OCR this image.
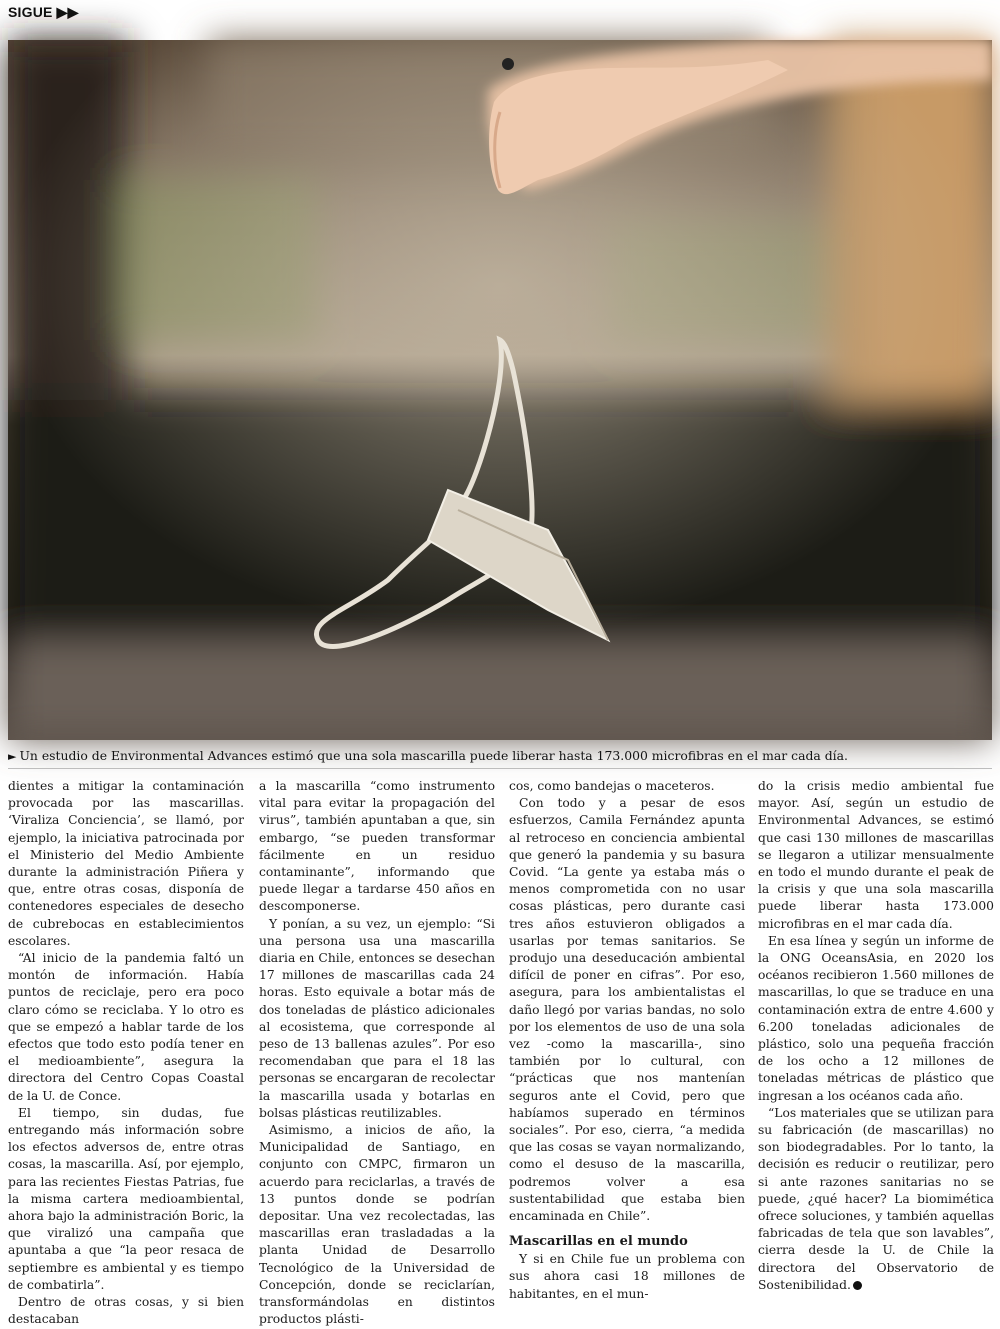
SIGUE ▶▶
► Un estudio de Environmental Advances estimó que una sola mascarilla puede liberar hasta 173.000 microfibras en el mar cada día.

dientes a mitigar la contaminación provocada por las mascarillas. ‘Viraliza Conciencia’, se llamó, por ejemplo, la iniciativa patrocinada por el Ministerio del Medio Ambiente durante la administración Piñera y que, entre otras cosas, disponía de contenedores especiales de desecho de cubrebocas en establecimientos escolares.

“Al inicio de la pandemia faltó un montón de información. Había puntos de reciclaje, pero era poco claro cómo se reciclaba. Y lo otro es que se empezó a hablar tarde de los efectos que todo esto podía tener en el medioambiente”, asegura la directora del Centro Copas Coastal de la U. de Conce.

El tiempo, sin dudas, fue entregando más información sobre los efectos adversos de, entre otras cosas, la mascarilla. Así, por ejemplo, para las recientes Fiestas Patrias, fue la misma cartera medioambiental, ahora bajo la administración Boric, la que viralizó una campaña que apuntaba a que “la peor resaca de septiembre es ambiental y es tiempo de combatirla”.

Dentro de otras cosas, y si bien destacaban

a la mascarilla “como instrumento vital para evitar la propagación del virus”, también apuntaban a que, sin embargo, “se pueden transformar fácilmente en un residuo contaminante”, informando que puede llegar a tardarse 450 años en descomponerse.

Y ponían, a su vez, un ejemplo: “Si una persona usa una mascarilla diaria en Chile, entonces se desechan 17 millones de mascarillas cada 24 horas. Esto equivale a botar más de dos toneladas de plástico adicionales al ecosistema, que corresponde al peso de 13 ballenas azules”. Por eso recomendaban que para el 18 las personas se encargaran de recolectar la mascarilla usada y botarlas en bolsas plásticas reutilizables.

Asimismo, a inicios de año, la Municipalidad de Santiago, en conjunto con CMPC, firmaron un acuerdo para reciclarlas, a través de 13 puntos donde se podrían depositar. Una vez recolectadas, las mascarillas eran trasladadas a la planta Unidad de Desarrollo Tecnológico de la Universidad de Concepción, donde se reciclarían, transformándolas en distintos productos plásti-

cos, como bandejas o maceteros.

Con todo y a pesar de esos esfuerzos, Camila Fernández apunta al retroceso en conciencia ambiental que generó la pandemia y su basura Covid. “La gente ya estaba más o menos comprometida con no usar cosas plásticas, pero durante casi tres años estuvieron obligados a usarlas por temas sanitarios. Se produjo una deseducación ambiental difícil de poner en cifras”. Por eso, asegura, para los ambientalistas el daño llegó por varias bandas, no solo por los elementos de uso de una sola vez -como la mascarilla-, sino también por lo cultural, con “prácticas que nos mantenían seguros ante el Covid, pero que habíamos superado en términos sociales”. Por eso, cierra, “a medida que las cosas se vayan normalizando, como el desuso de la mascarilla, podremos volver a esa sustentabilidad que estaba bien encaminada en Chile”.

Mascarillas en el mundo

Y si en Chile fue un problema con sus ahora casi 18 millones de habitantes, en el mun-

do la crisis medio ambiental fue mayor. Así, según un estudio de Environmental Advances, se estimó que casi 130 millones de mascarillas se llegaron a utilizar mensualmente en todo el mundo durante el peak de la crisis y que una sola mascarilla puede liberar hasta 173.000 microfibras en el mar cada día.

En esa línea y según un informe de la ONG OceansAsia, en 2020 los océanos recibieron 1.560 millones de mascarillas, lo que se traduce en una contaminación extra de entre 4.600 y 6.200 toneladas adicionales de plástico, solo una pequeña fracción de los ocho a 12 millones de toneladas métricas de plástico que ingresan a los océanos cada año.

“Los materiales que se utilizan para su fabricación (de mascarillas) no son biodegradables. Por lo tanto, la decisión es reducir o reutilizar, pero si ante razones sanitarias no se puede, ¿qué hacer? La biomimética ofrece soluciones, y también aquellas fabricadas de tela que son lavables”, cierra desde la U. de Chile la directora del Observatorio de Sostenibilidad.
